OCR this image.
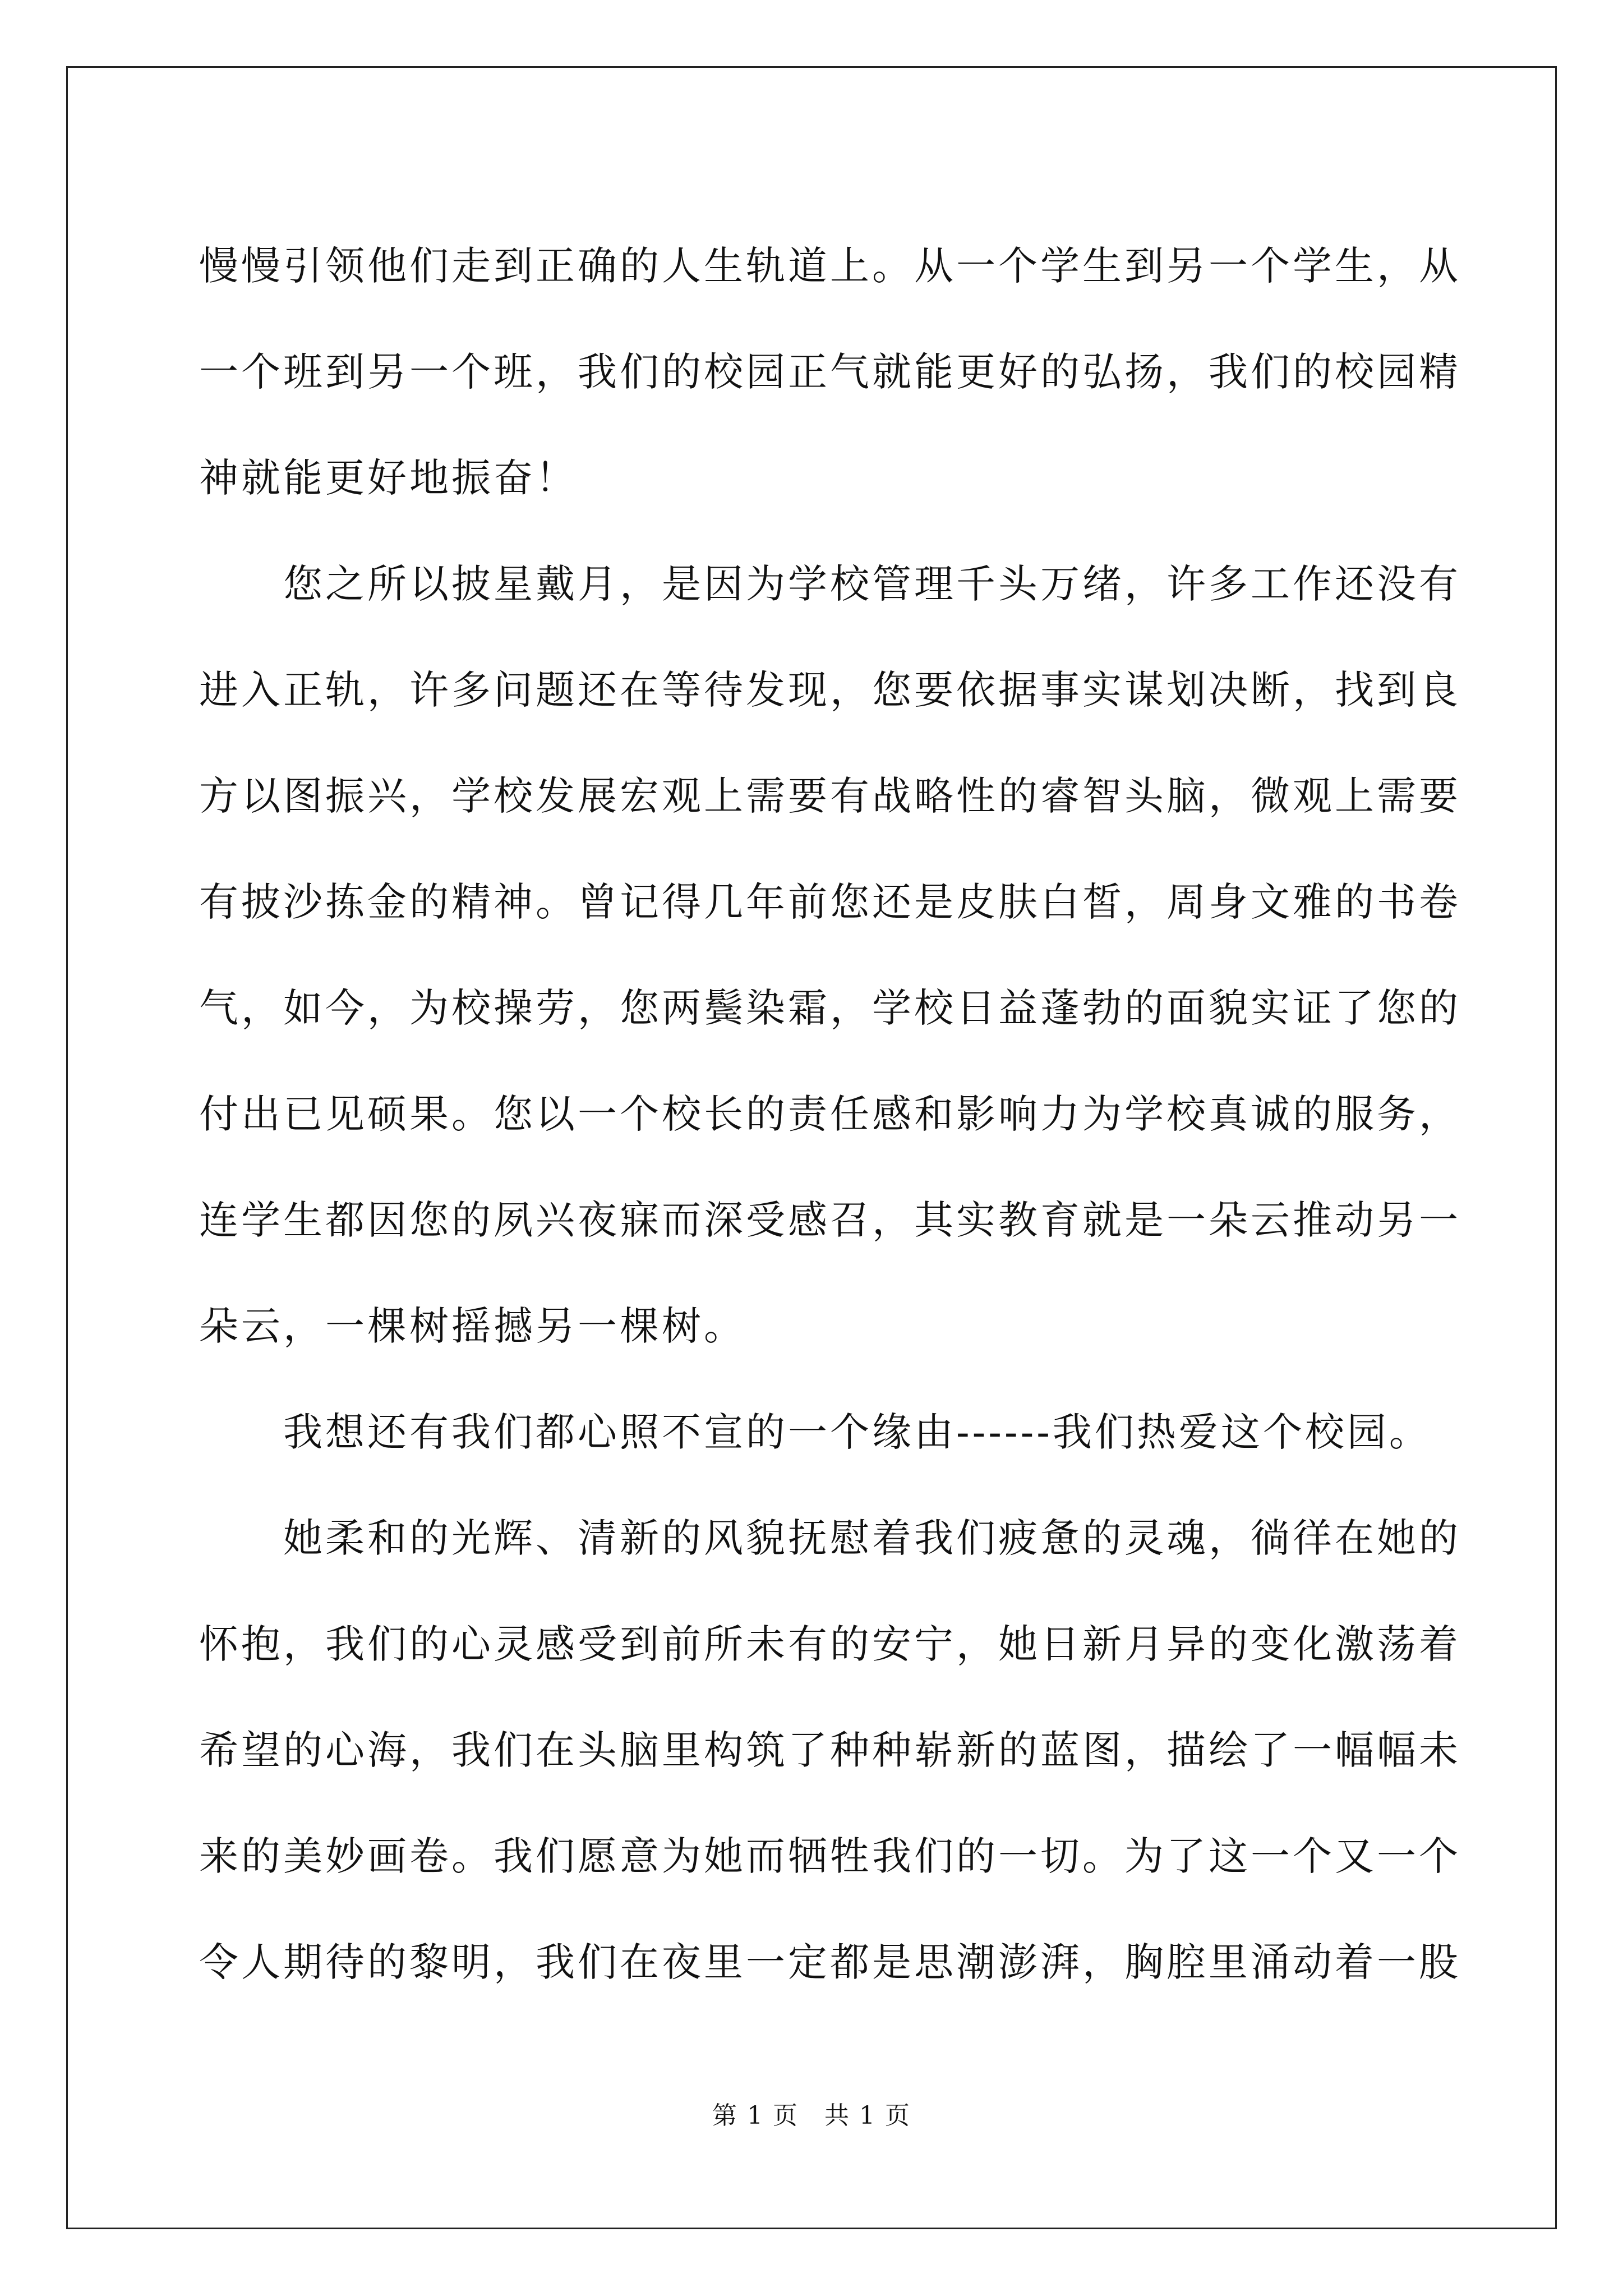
慢慢引领他们走到正确的人生轨道上。从一个学生到另一个学生，从
一个班到另一个班，我们的校园正气就能更好的弘扬，我们的校园精
神就能更好地振奋！
您之所以披星戴月，是因为学校管理千头万绪，许多工作还没有
进入正轨，许多问题还在等待发现，您要依据事实谋划决断，找到良
方以图振兴，学校发展宏观上需要有战略性的睿智头脑，微观上需要
有披沙拣金的精神。曾记得几年前您还是皮肤白皙，周身文雅的书卷
气，如今，为校操劳，您两鬓染霜，学校日益蓬勃的面貌实证了您的
付出已见硕果。您以一个校长的责任感和影响力为学校真诚的服务，
连学生都因您的夙兴夜寐而深受感召，其实教育就是一朵云推动另一
朵云，一棵树摇撼另一棵树。
我想还有我们都心照不宣的一个缘由------我们热爱这个校园。
她柔和的光辉、清新的风貌抚慰着我们疲惫的灵魂，徜徉在她的
怀抱，我们的心灵感受到前所未有的安宁，她日新月异的变化激荡着
希望的心海，我们在头脑里构筑了种种崭新的蓝图，描绘了一幅幅未
来的美妙画卷。我们愿意为她而牺牲我们的一切。为了这一个又一个
令人期待的黎明，我们在夜里一定都是思潮澎湃，胸腔里涌动着一股
第 1 页　共 1 页
